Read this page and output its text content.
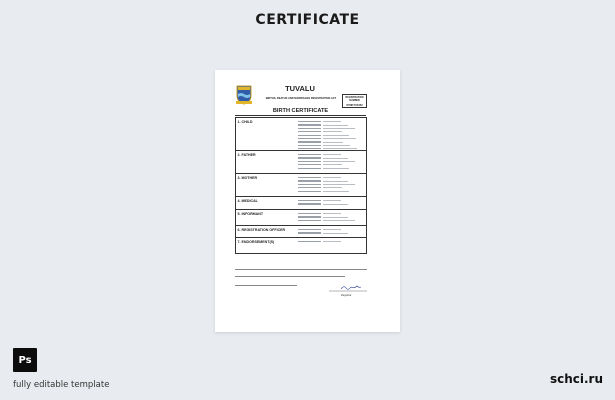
CERTIFICATE
TUVALU
BIRTHS, DEATHS AND MARRIAGES REGISTRATION ACT	REGISTRATION NUMBER
STNKTU3452
BIRTH CERTIFICATE
1. CHILD
2. FATHER
3. MOTHER
4. MEDICAL
5. INFORMANT
6. REGISTRATION OFFICER
7. ENDORSEMENT(S)
Registrar
Ps
fully editable template	schci.ru
